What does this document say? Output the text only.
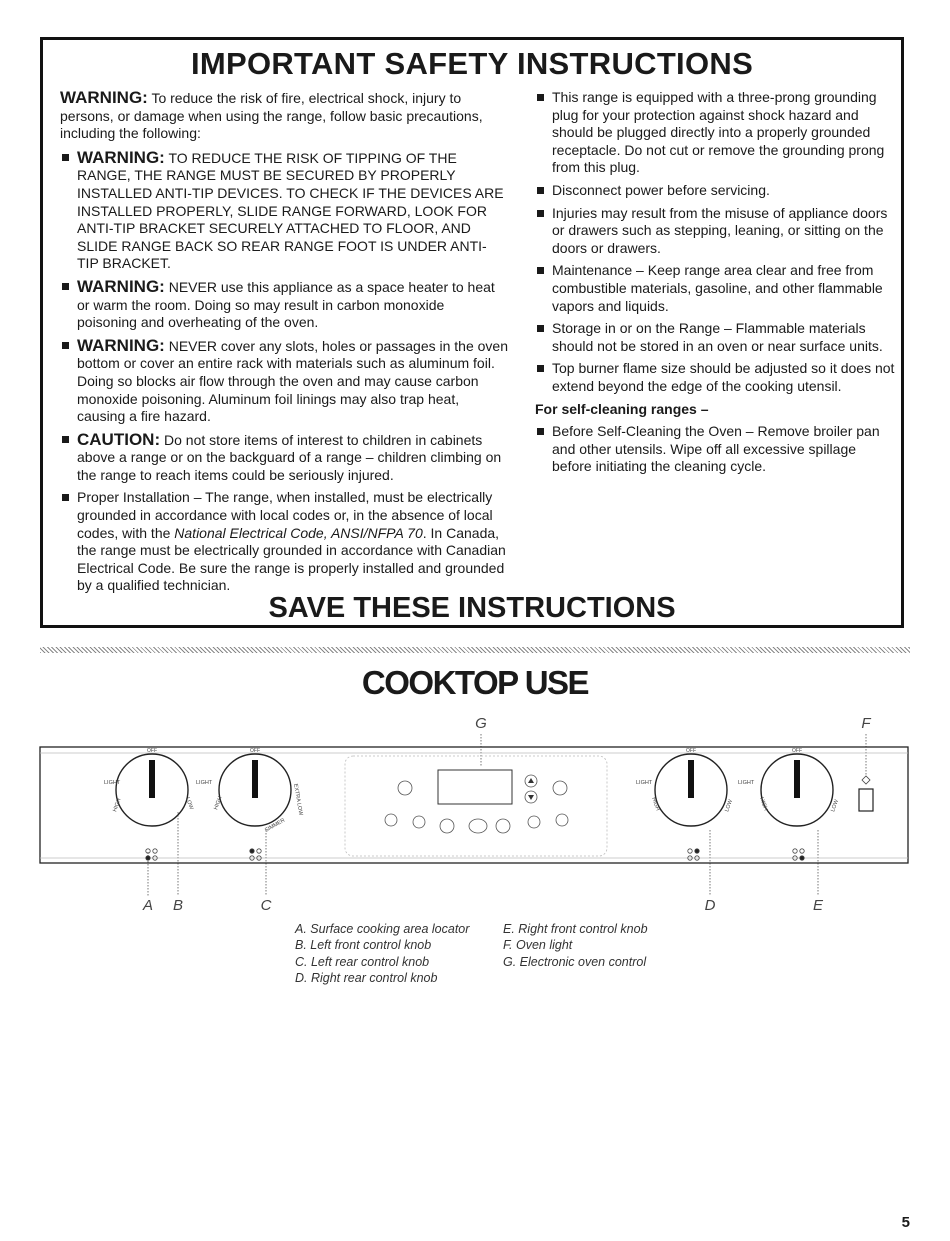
IMPORTANT SAFETY INSTRUCTIONS

WARNING: To reduce the risk of fire, electrical shock, injury to persons, or damage when using the range, follow basic precautions, including the following:

WARNING: TO REDUCE THE RISK OF TIPPING OF THE RANGE, THE RANGE MUST BE SECURED BY PROPERLY INSTALLED ANTI-TIP DEVICES. TO CHECK IF THE DEVICES ARE INSTALLED PROPERLY, SLIDE RANGE FORWARD, LOOK FOR ANTI-TIP BRACKET SECURELY ATTACHED TO FLOOR, AND SLIDE RANGE BACK SO REAR RANGE FOOT IS UNDER ANTI-TIP BRACKET.
WARNING: NEVER use this appliance as a space heater to heat or warm the room. Doing so may result in carbon monoxide poisoning and overheating of the oven.
WARNING: NEVER cover any slots, holes or passages in the oven bottom or cover an entire rack with materials such as aluminum foil. Doing so blocks air flow through the oven and may cause carbon monoxide poisoning. Aluminum foil linings may also trap heat, causing a fire hazard.
CAUTION: Do not store items of interest to children in cabinets above a range or on the backguard of a range – children climbing on the range to reach items could be seriously injured.
Proper Installation – The range, when installed, must be electrically grounded in accordance with local codes or, in the absence of local codes, with the National Electrical Code, ANSI/NFPA 70. In Canada, the range must be electrically grounded in accordance with Canadian Electrical Code. Be sure the range is properly installed and grounded by a qualified technician.
This range is equipped with a three-prong grounding plug for your protection against shock hazard and should be plugged directly into a properly grounded receptacle. Do not cut or remove the grounding prong from this plug.
Disconnect power before servicing.
Injuries may result from the misuse of appliance doors or drawers such as stepping, leaning, or sitting on the doors or drawers.
Maintenance – Keep range area clear and free from combustible materials, gasoline, and other flammable vapors and liquids.
Storage in or on the Range – Flammable materials should not be stored in an oven or near surface units.
Top burner flame size should be adjusted so it does not extend beyond the edge of the cooking utensil.
For self-cleaning ranges –
Before Self-Cleaning the Oven – Remove broiler pan and other utensils. Wipe off all excessive spillage before initiating the cleaning cycle.
SAVE THESE INSTRUCTIONS
COOKTOP USE
G	F
A B	C	D	E
OFF
LIGHT
LOW
HIGH
OFF
LIGHT
EXTRA LOW
SIMMER
HIGH
OFF
LIGHT
HIGH	LOW
OFF
LIGHT
HIGH	LOW
A. Surface cooking area locator
B. Left front control knob
C. Left rear control knob
D. Right rear control knob
E. Right front control knob
F. Oven light
G. Electronic oven control
5
